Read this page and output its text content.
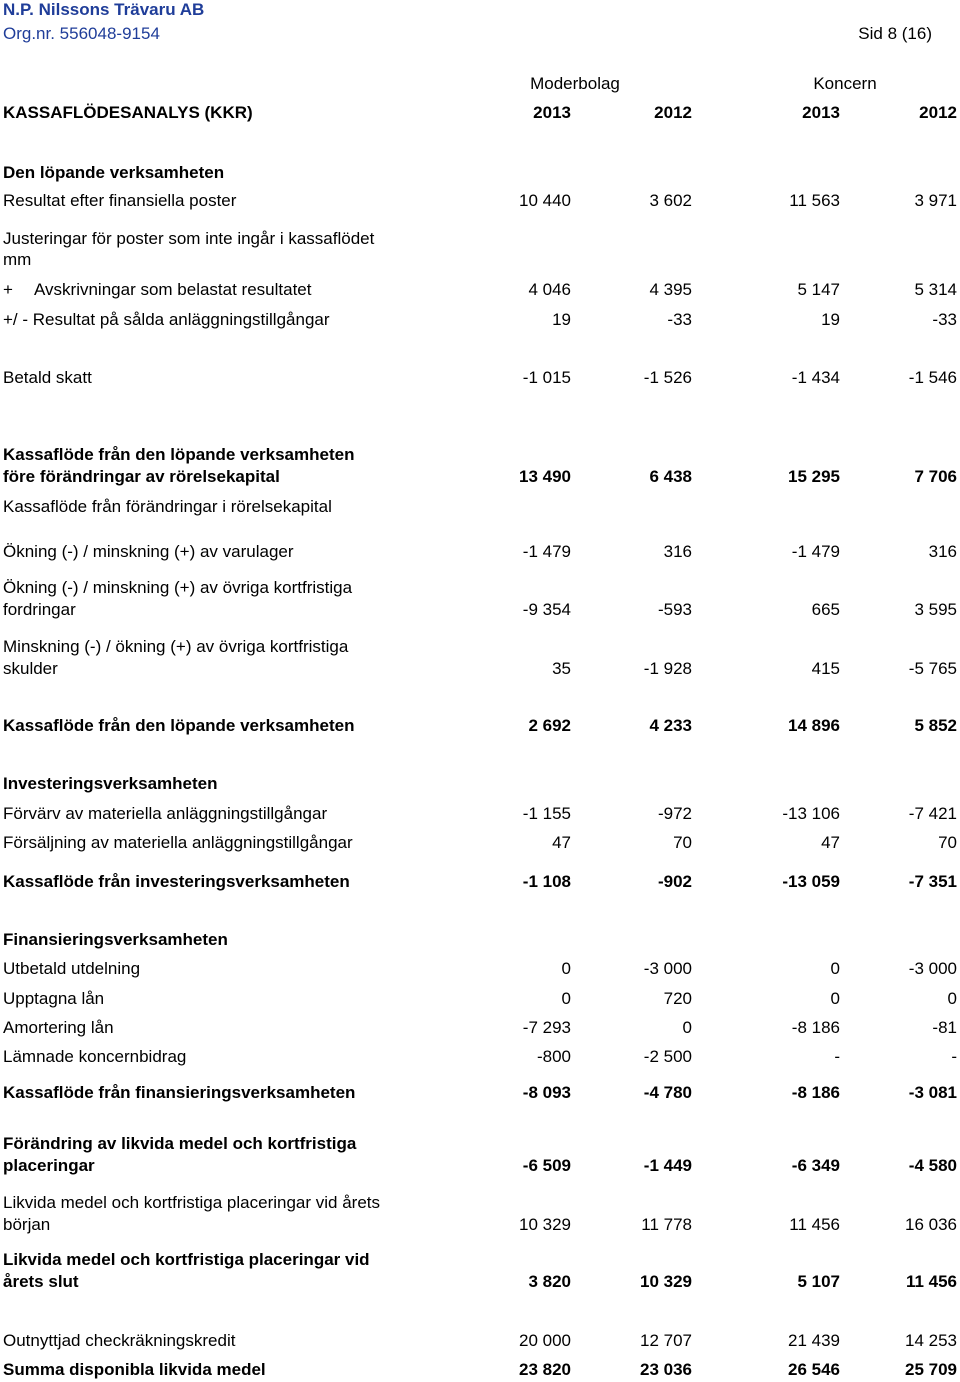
N.P. Nilssons Trävaru AB
Org.nr. 556048-9154	Sid 8 (16)
Moderbolag	Koncern
KASSAFLÖDESANALYS (KKR)	2013	2012	2013	2012
Den löpande verksamheten
Resultat efter finansiella poster	10 440	3 602	11 563	3 971
Justeringar för poster som inte ingår i kassaflödet
mm
+ Avskrivningar som belastat resultatet	4 046	4 395	5 147	5 314
+/ - Resultat på sålda anläggningstillgångar	19	-33	19	-33
Betald skatt	-1 015	-1 526	-1 434	-1 546
Kassaflöde från den löpande verksamheten
före förändringar av rörelsekapital	13 490	6 438	15 295	7 706
Kassaflöde från förändringar i rörelsekapital
Ökning (-) / minskning (+) av varulager	-1 479	316	-1 479	316
Ökning (-) / minskning (+) av övriga kortfristiga
fordringar	-9 354	-593	665	3 595
Minskning (-) / ökning (+) av övriga kortfristiga
skulder	35	-1 928	415	-5 765
Kassaflöde från den löpande verksamheten	2 692	4 233	14 896	5 852
Investeringsverksamheten
Förvärv av materiella anläggningstillgångar	-1 155	-972	-13 106	-7 421
Försäljning av materiella anläggningstillgångar	47	70	47	70
Kassaflöde från investeringsverksamheten	-1 108	-902	-13 059	-7 351
Finansieringsverksamheten
Utbetald utdelning	0	-3 000	0	-3 000
Upptagna lån	0	720	0	0
Amortering lån	-7 293	0	-8 186	-81
Lämnade koncernbidrag	-800	-2 500	-	-
Kassaflöde från finansieringsverksamheten	-8 093	-4 780	-8 186	-3 081
Förändring av likvida medel och kortfristiga
placeringar	-6 509	-1 449	-6 349	-4 580
Likvida medel och kortfristiga placeringar vid årets
början	10 329	11 778	11 456	16 036
Likvida medel och kortfristiga placeringar vid
årets slut	3 820	10 329	5 107	11 456
Outnyttjad checkräkningskredit	20 000	12 707	21 439	14 253
Summa disponibla likvida medel	23 820	23 036	26 546	25 709
